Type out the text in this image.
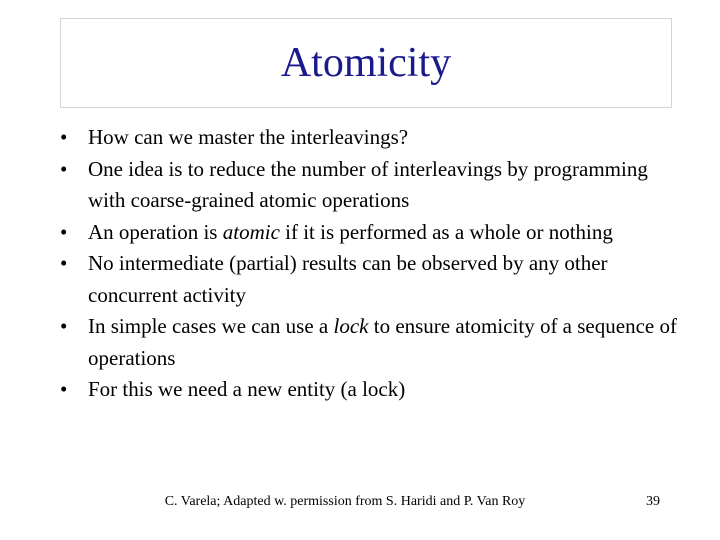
Atomicity
• How can we master the interleavings?
• One idea is to reduce the number of interleavings by programming with coarse-grained atomic operations
• An operation is atomic if it is performed as a whole or nothing
• No intermediate (partial) results can be observed by any other concurrent activity
• In simple cases we can use a lock to ensure atomicity of a sequence of operations
• For this we need a new entity (a lock)
C. Varela; Adapted w. permission from S. Haridi and P. Van Roy	39
